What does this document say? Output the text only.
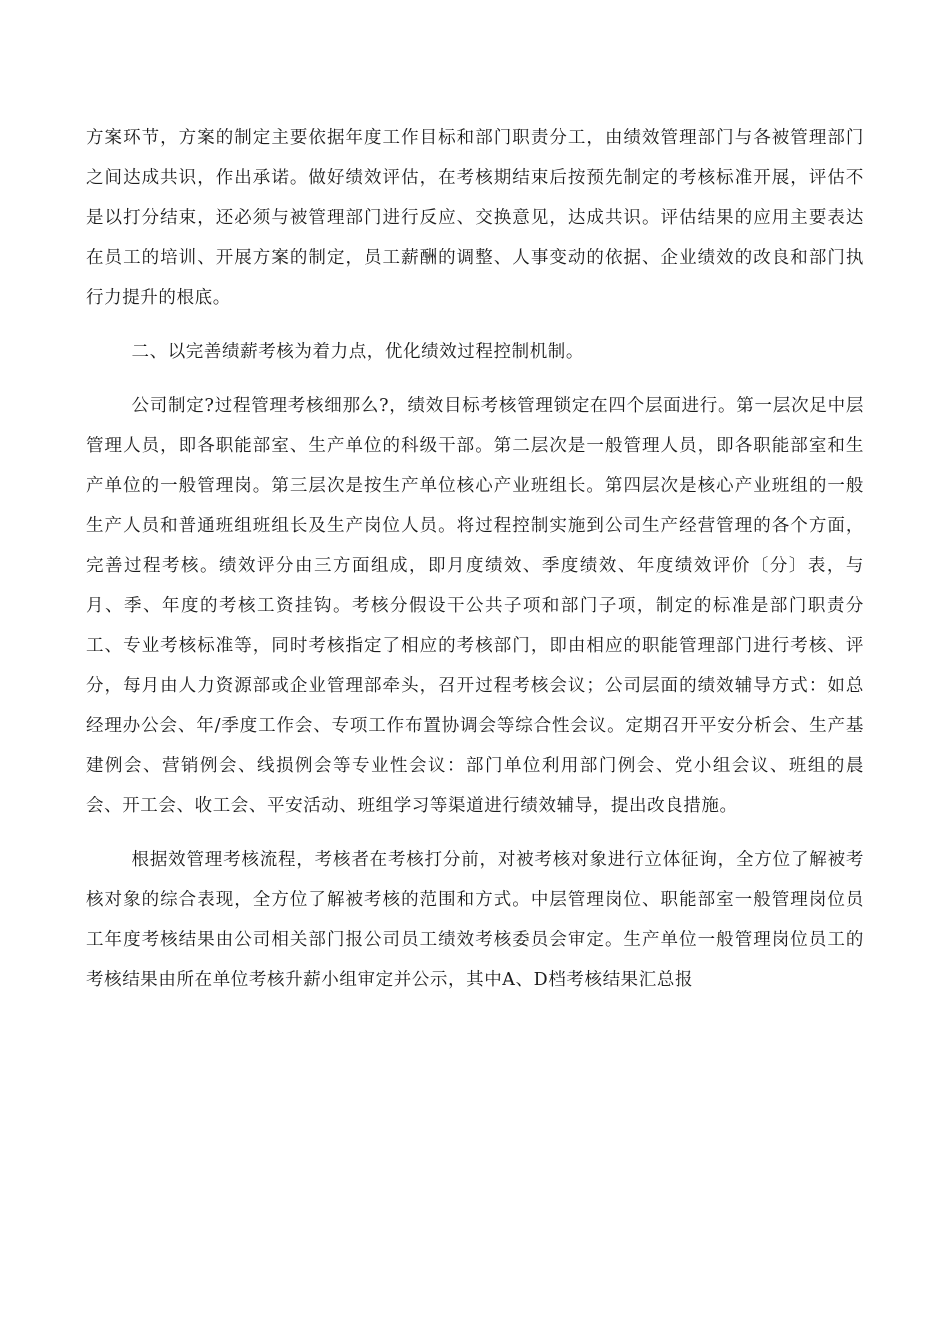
方案环节，方案的制定主要依据年度工作目标和部门职责分工，由绩效管理部门与各被管理部门之间达成共识，作出承诺。做好绩效评估，在考核期结束后按预先制定的考核标准开展，评估不是以打分结束，还必须与被管理部门进行反应、交换意见，达成共识。评估结果的应用主要表达在员工的培训、开展方案的制定，员工薪酬的调整、人事变动的依据、企业绩效的改良和部门执行力提升的根底。

二、以完善绩薪考核为着力点，优化绩效过程控制机制。

公司制定?过程管理考核细那么?，绩效目标考核管理锁定在四个层面进行。第一层次足中层管理人员，即各职能部室、生产单位的科级干部。第二层次是一般管理人员，即各职能部室和生产单位的一般管理岗。第三层次是按生产单位核心产业班组长。第四层次是核心产业班组的一般生产人员和普通班组班组长及生产岗位人员。将过程控制实施到公司生产经营管理的各个方面，完善过程考核。绩效评分由三方面组成，即月度绩效、季度绩效、年度绩效评价〔分〕表，与月、季、年度的考核工资挂钩。考核分假设干公共子项和部门子项，制定的标准是部门职责分工、专业考核标准等，同时考核指定了相应的考核部门，即由相应的职能管理部门进行考核、评分，每月由人力资源部或企业管理部牵头，召开过程考核会议；公司层面的绩效辅导方式：如总经理办公会、年/季度工作会、专项工作布置协调会等综合性会议。定期召开平安分析会、生产基建例会、营销例会、线损例会等专业性会议：部门单位利用部门例会、党小组会议、班组的晨会、开工会、收工会、平安活动、班组学习等渠道进行绩效辅导，提出改良措施。

根据效管理考核流程，考核者在考核打分前，对被考核对象进行立体征询，全方位了解被考核对象的综合表现，全方位了解被考核的范围和方式。中层管理岗位、职能部室一般管理岗位员工年度考核结果由公司相关部门报公司员工绩效考核委员会审定。生产单位一般管理岗位员工的考核结果由所在单位考核升薪小组审定并公示，其中A、D档考核结果汇总报
